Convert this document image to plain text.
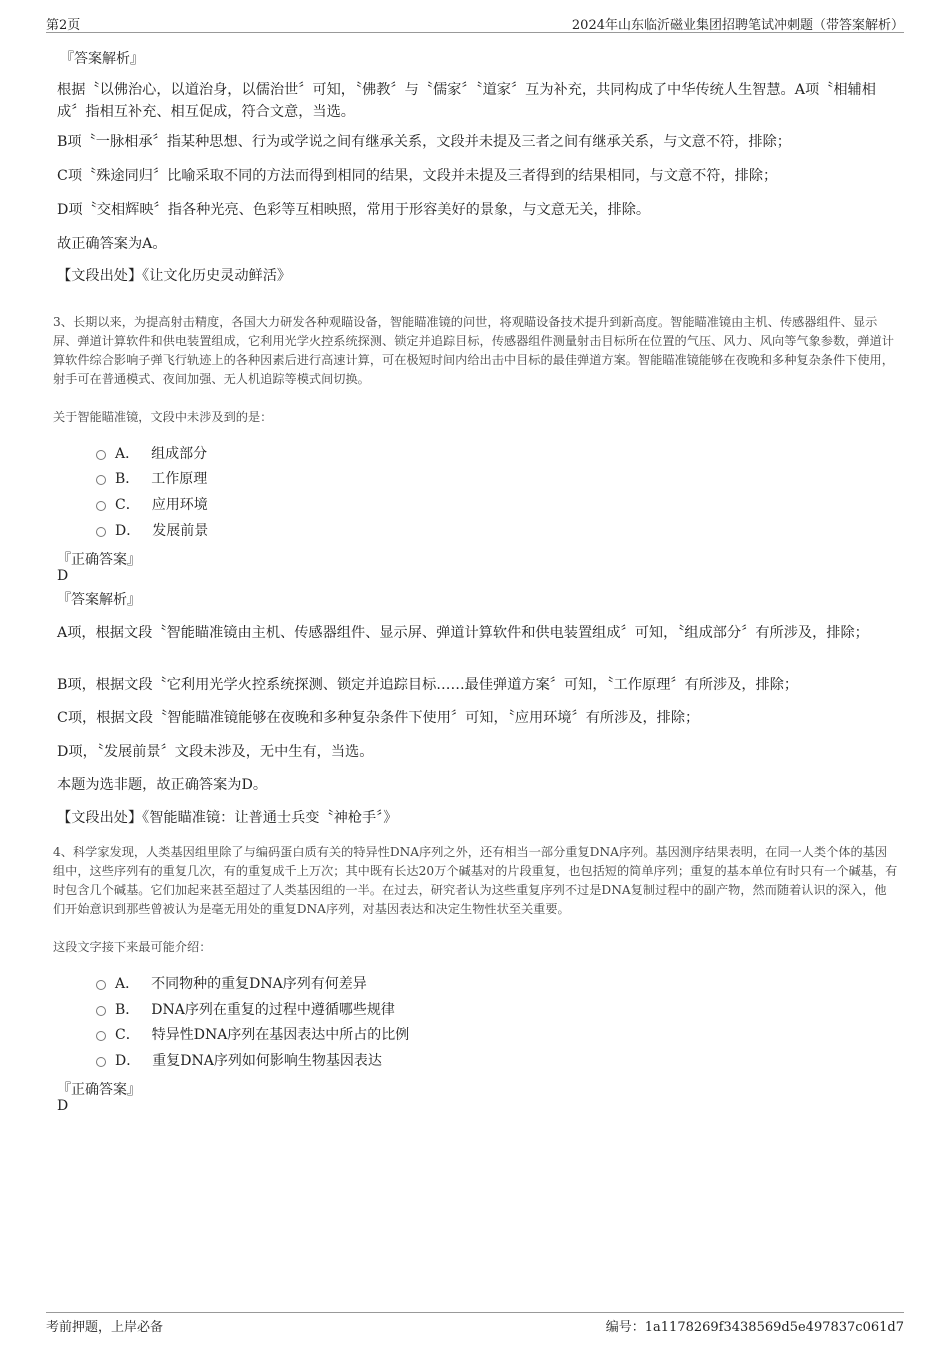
第2页	2024年山东临沂磁业集团招聘笔试冲刺题（带答案解析）
『答案解析』
根据〝以佛治心，以道治身，以儒治世〞可知，〝佛教〞与〝儒家〞〝道家〞互为补充，共同构成了中华传统人生智慧。A项〝相辅相成〞指相互补充、相互促成，符合文意，当选。
B项〝一脉相承〞指某种思想、行为或学说之间有继承关系，文段并未提及三者之间有继承关系，与文意不符，排除；
C项〝殊途同归〞比喻采取不同的方法而得到相同的结果，文段并未提及三者得到的结果相同，与文意不符，排除；
D项〝交相辉映〞指各种光亮、色彩等互相映照，常用于形容美好的景象，与文意无关，排除。
故正确答案为A。
【文段出处】《让文化历史灵动鲜活》
3、长期以来，为提高射击精度，各国大力研发各种观瞄设备，智能瞄准镜的问世，将观瞄设备技术提升到新高度。智能瞄准镜由主机、传感器组件、显示屏、弹道计算软件和供电装置组成，它利用光学火控系统探测、锁定并追踪目标，传感器组件测量射击目标所在位置的气压、风力、风向等气象参数，弹道计算软件综合影响子弹飞行轨迹上的各种因素后进行高速计算，可在极短时间内给出击中目标的最佳弹道方案。智能瞄准镜能够在夜晚和多种复杂条件下使用，射手可在普通模式、夜间加强、无人机追踪等模式间切换。
关于智能瞄准镜，文段中未涉及到的是：
A． 组成部分
B． 工作原理
C． 应用环境
D． 发展前景
『正确答案』
D
『答案解析』
A项，根据文段〝智能瞄准镜由主机、传感器组件、显示屏、弹道计算软件和供电装置组成〞可知，〝组成部分〞有所涉及，排除；
B项，根据文段〝它利用光学火控系统探测、锁定并追踪目标……最佳弹道方案〞可知，〝工作原理〞有所涉及，排除；
C项，根据文段〝智能瞄准镜能够在夜晚和多种复杂条件下使用〞可知，〝应用环境〞有所涉及，排除；
D项，〝发展前景〞文段未涉及，无中生有，当选。
本题为选非题，故正确答案为D。
【文段出处】《智能瞄准镜：让普通士兵变〝神枪手〞》
4、科学家发现，人类基因组里除了与编码蛋白质有关的特异性DNA序列之外，还有相当一部分重复DNA序列。基因测序结果表明，在同一人类个体的基因组中，这些序列有的重复几次，有的重复成千上万次；其中既有长达20万个碱基对的片段重复，也包括短的简单序列；重复的基本单位有时只有一个碱基，有时包含几个碱基。它们加起来甚至超过了人类基因组的一半。在过去，研究者认为这些重复序列不过是DNA复制过程中的副产物，然而随着认识的深入，他们开始意识到那些曾被认为是毫无用处的重复DNA序列，对基因表达和决定生物性状至关重要。
这段文字接下来最可能介绍：
A． 不同物种的重复DNA序列有何差异
B． DNA序列在重复的过程中遵循哪些规律
C． 特异性DNA序列在基因表达中所占的比例
D． 重复DNA序列如何影响生物基因表达
『正确答案』
D
考前押题，上岸必备	编号：1a1178269f3438569d5e497837c061d7
